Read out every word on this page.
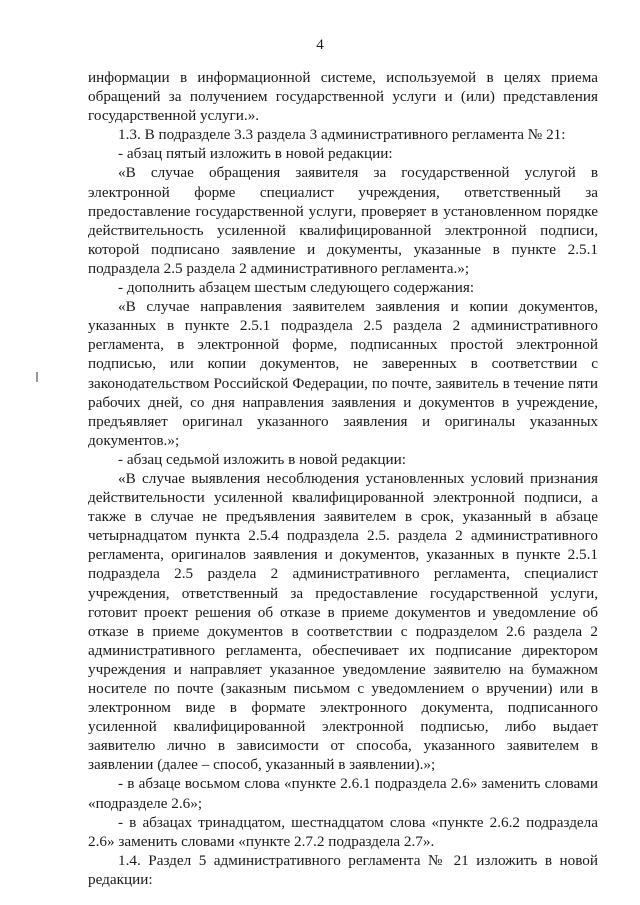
4

информации в информационной системе, используемой в целях приема обращений за получением государственной услуги и (или) представления государственной услуги.».

1.3. В подразделе 3.3 раздела 3 административного регламента № 21:

- абзац пятый изложить в новой редакции:

«В случае обращения заявителя за государственной услугой в электронной форме специалист учреждения, ответственный за предоставление государственной услуги, проверяет в установленном порядке действительность усиленной квалифицированной электронной подписи, которой подписано заявление и документы, указанные в пункте 2.5.1 подраздела 2.5 раздела 2 административного регламента.»;

- дополнить абзацем шестым следующего содержания:

«В случае направления заявителем заявления и копии документов, указанных в пункте 2.5.1 подраздела 2.5 раздела 2 административного регламента, в электронной форме, подписанных простой электронной подписью, или копии документов, не заверенных в соответствии с законодательством Российской Федерации, по почте, заявитель в течение пяти рабочих дней, со дня направления заявления и документов в учреждение, предъявляет оригинал указанного заявления и оригиналы указанных документов.»;

- абзац седьмой изложить в новой редакции:

«В случае выявления несоблюдения установленных условий признания действительности усиленной квалифицированной электронной подписи, а также в случае не предъявления заявителем в срок, указанный в абзаце четырнадцатом пункта 2.5.4 подраздела 2.5. раздела 2 административного регламента, оригиналов заявления и документов, указанных в пункте 2.5.1 подраздела 2.5 раздела 2 административного регламента, специалист учреждения, ответственный за предоставление государственной услуги, готовит проект решения об отказе в приеме документов и уведомление об отказе в приеме документов в соответствии с подразделом 2.6 раздела 2 административного регламента, обеспечивает их подписание директором учреждения и направляет указанное уведомление заявителю на бумажном носителе по почте (заказным письмом с уведомлением о вручении) или в электронном виде в формате электронного документа, подписанного усиленной квалифицированной электронной подписью, либо выдает заявителю лично в зависимости от способа, указанного заявителем в заявлении (далее – способ, указанный в заявлении).»;

- в абзаце восьмом слова «пункте 2.6.1 подраздела 2.6» заменить словами «подразделе 2.6»;

- в абзацах тринадцатом, шестнадцатом слова «пункте 2.6.2 подраздела 2.6» заменить словами «пункте 2.7.2 подраздела 2.7».

1.4. Раздел 5 административного регламента № 21 изложить в новой редакции:
